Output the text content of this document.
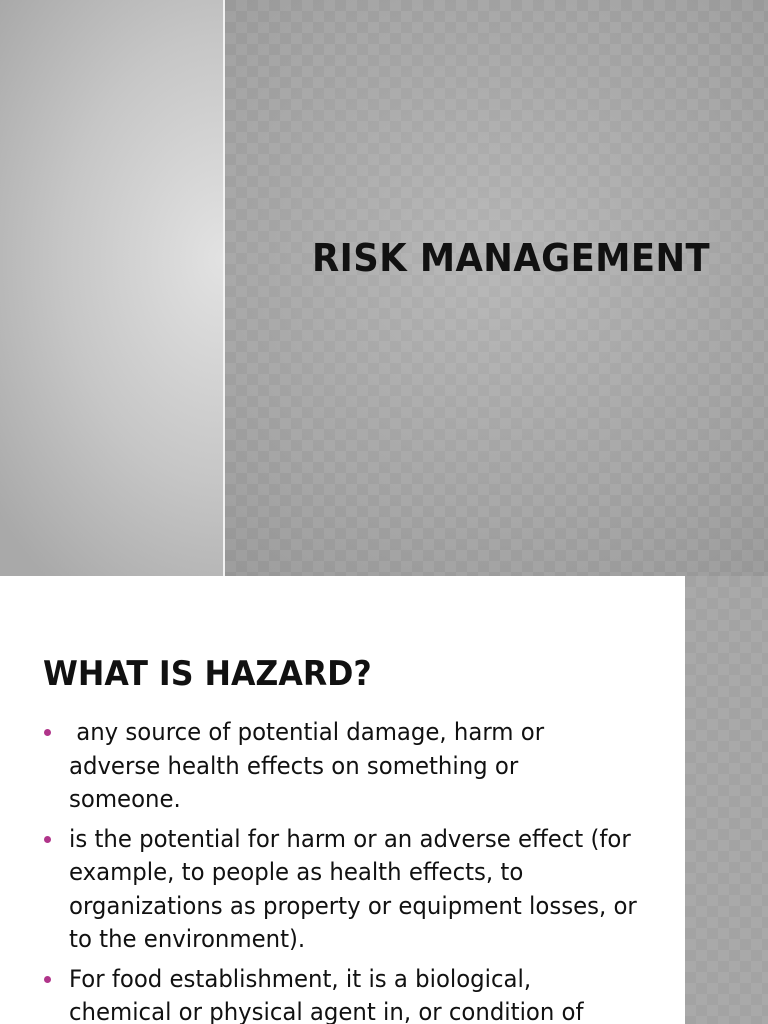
RISK MANAGEMENT
WHAT IS HAZARD?
any source of potential damage, harm or adverse health effects on something or someone.
is the potential for harm or an adverse effect (for example, to people as health effects, to organizations as property or equipment losses, or to the environment).
For food establishment, it is a biological, chemical or physical agent in, or condition of
